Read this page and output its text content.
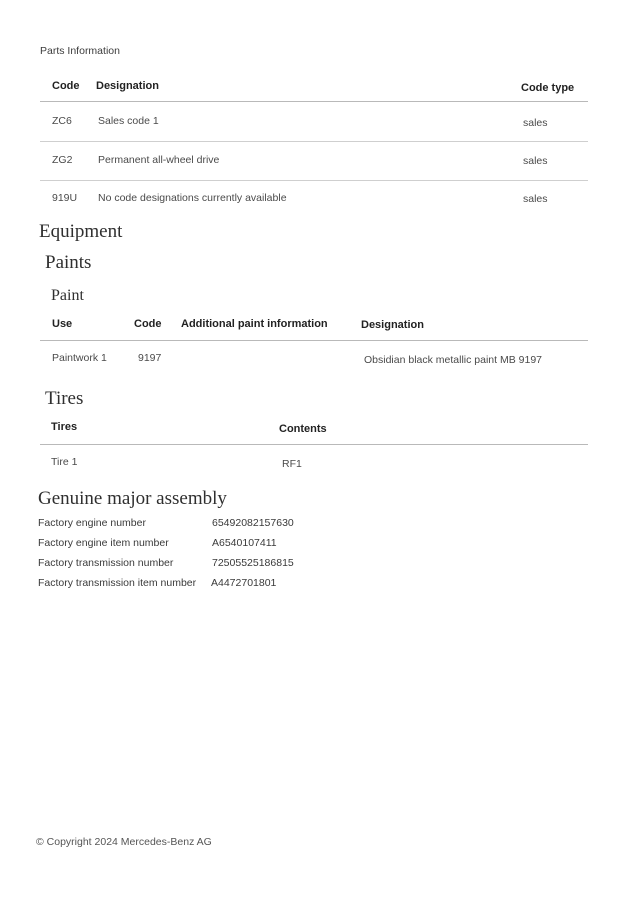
Parts Information
Code Designation	Code type
ZC6 Sales code 1	sales
ZG2 Permanent all-wheel drive	sales
919U No code designations currently available	sales
Equipment
Paints
Paint
Use	Code Additional paint information	Designation
Paintwork 1	9197	Obsidian black metallic paint MB 9197
Tires
Tires	Contents
Tire 1	RF1
Genuine major assembly
Factory engine number	65492082157630
Factory engine item number	A6540107411
Factory transmission number	72505525186815
Factory transmission item number A4472701801
© Copyright 2024 Mercedes-Benz AG
